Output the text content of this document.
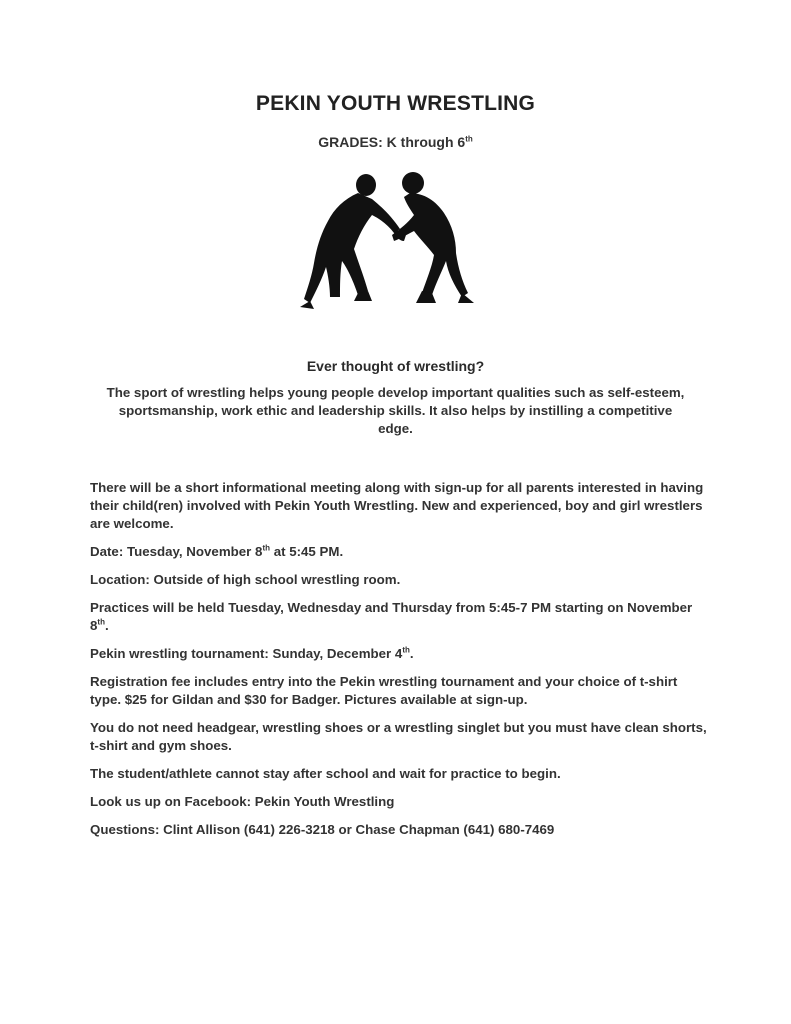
PEKIN YOUTH WRESTLING
GRADES: K through 6th
Ever thought of wrestling?
The sport of wrestling helps young people develop important qualities such as self-esteem, sportsmanship, work ethic and leadership skills. It also helps by instilling a competitive edge.

There will be a short informational meeting along with sign-up for all parents interested in having their child(ren) involved with Pekin Youth Wrestling. New and experienced, boy and girl wrestlers are welcome.

Date: Tuesday, November 8th at 5:45 PM.

Location: Outside of high school wrestling room.

Practices will be held Tuesday, Wednesday and Thursday from 5:45-7 PM starting on November 8th.

Pekin wrestling tournament: Sunday, December 4th.

Registration fee includes entry into the Pekin wrestling tournament and your choice of t-shirt type. $25 for Gildan and $30 for Badger. Pictures available at sign-up.

You do not need headgear, wrestling shoes or a wrestling singlet but you must have clean shorts, t-shirt and gym shoes.

The student/athlete cannot stay after school and wait for practice to begin.

Look us up on Facebook: Pekin Youth Wrestling

Questions: Clint Allison (641) 226-3218 or Chase Chapman (641) 680-7469
